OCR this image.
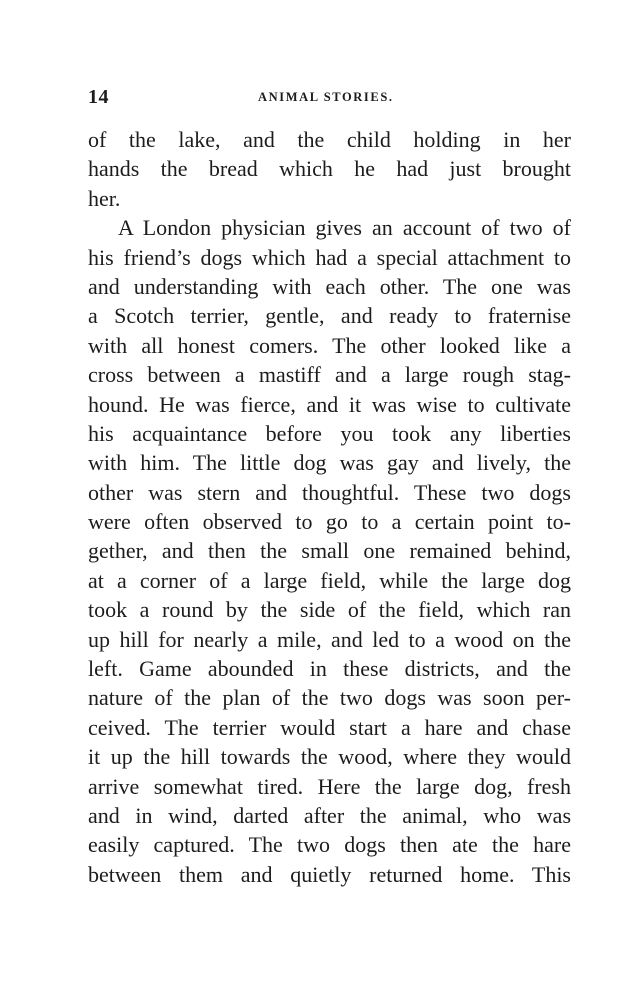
14	ANIMAL STORIES.
of the lake, and the child holding in her
hands the bread which he had just brought
her.
A London physician gives an account of two of
his friend’s dogs which had a special attachment to
and understanding with each other. The one was
a Scotch terrier, gentle, and ready to fraternise
with all honest comers. The other looked like a
cross between a mastiff and a large rough stag-
hound. He was fierce, and it was wise to cultivate
his acquaintance before you took any liberties
with him. The little dog was gay and lively, the
other was stern and thoughtful. These two dogs
were often observed to go to a certain point to-
gether, and then the small one remained behind,
at a corner of a large field, while the large dog
took a round by the side of the field, which ran
up hill for nearly a mile, and led to a wood on the
left. Game abounded in these districts, and the
nature of the plan of the two dogs was soon per-
ceived. The terrier would start a hare and chase
it up the hill towards the wood, where they would
arrive somewhat tired. Here the large dog, fresh
and in wind, darted after the animal, who was
easily captured. The two dogs then ate the hare
between them and quietly returned home. This
